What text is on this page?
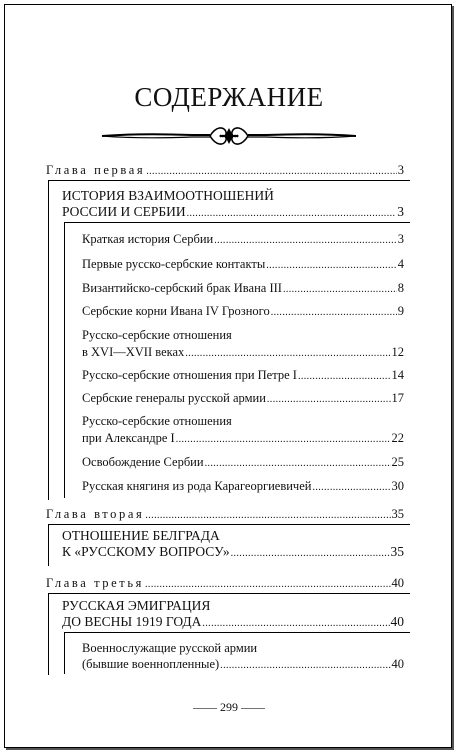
СОДЕРЖАНИЕ
Глава первая .....	3
ИСТОРИЯ ВЗАИМООТНОШЕНИЙ
РОССИИ И СЕРБИИ .....	3
Краткая история Сербии .....	3
Первые русско-сербские контакты .....	4
Византийско-сербский брак Ивана III .....	8
Сербские корни Ивана IV Грозного .....	9
Русско-сербские отношения
в XVI—XVII веках .....	12
Русско-сербские отношения при Петре I .....	14
Сербские генералы русской армии .....	17
Русско-сербские отношения
при Александре I .....	22
Освобождение Сербии .....	25
Русская княгиня из рода Карагеоргиевичей .....	30
Глава вторая .....	35
ОТНОШЕНИЕ БЕЛГРАДА
К «РУССКОМУ ВОПРОСУ» .....	35
Глава третья .....	40
РУССКАЯ ЭМИГРАЦИЯ
ДО ВЕСНЫ 1919 ГОДА .....	40
Военнослужащие русской армии
(бывшие военнопленные) .....	40
—— 299 ——
